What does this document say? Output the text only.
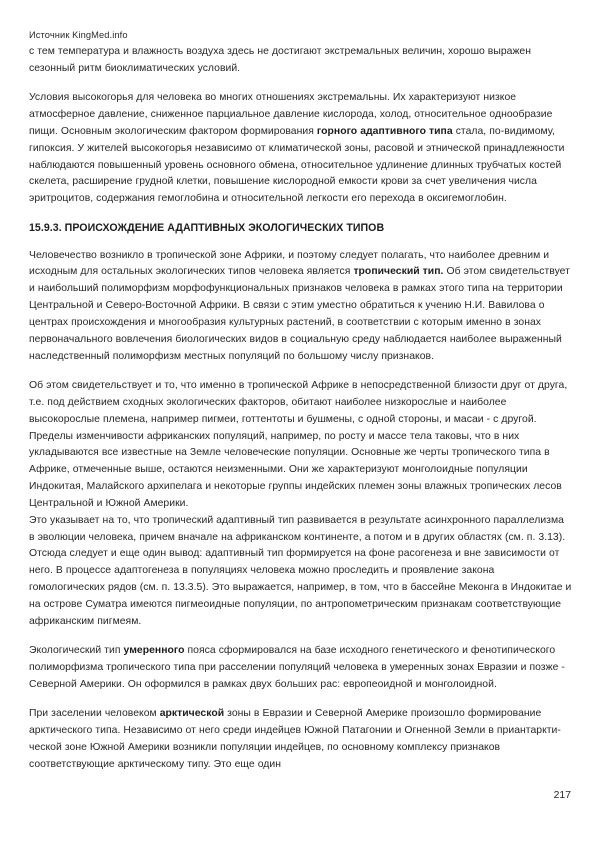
Источник KingMed.info

с тем температура и влажность воздуха здесь не достигают экстремальных величин, хорошо выражен сезонный ритм биоклиматических условий.

Условия высокогорья для человека во многих отношениях экстремальны. Их характеризуют низкое атмосферное давление, сниженное парциальное давление кислорода, холод, относительное однообразие пищи. Основным экологическим фактором формирования горного адаптивного типа стала, по-видимому, гипоксия. У жителей высокогорья независимо от климатической зоны, расовой и этнической принадлежности наблюдаются повышенный уровень основного обмена, относительное удлинение длинных трубчатых костей скелета, расширение грудной клетки, повышение кислородной емкости крови за счет увеличения числа эритроцитов, содержания гемоглобина и относительной легкости его перехода в оксигемоглобин.

15.9.3. ПРОИСХОЖДЕНИЕ АДАПТИВНЫХ ЭКОЛОГИЧЕСКИХ ТИПОВ

Человечество возникло в тропической зоне Африки, и поэтому следует полагать, что наиболее древним и исходным для остальных экологических типов человека является тропический тип. Об этом свидетельствует и наибольший полиморфизм морфофункциональных признаков человека в рамках этого типа на территории Центральной и Северо-Восточной Африки. В связи с этим уместно обратиться к учению Н.И. Вавилова о центрах происхождения и многообразия культурных растений, в соответствии с которым именно в зонах первоначального вовлечения биологических видов в социальную среду наблюдается наиболее выраженный наследственный полиморфизм местных популяций по большому числу признаков.

Об этом свидетельствует и то, что именно в тропической Африке в непосредственной близости друг от друга, т.е. под действием сходных экологических факторов, обитают наиболее низкорослые и наиболее высокорослые племена, например пигмеи, готтентоты и бушмены, с одной стороны, и масаи - с другой. Пределы изменчивости африканских популяций, например, по росту и массе тела таковы, что в них укладываются все известные на Земле человеческие популяции. Основные же черты тропического типа в Африке, отмеченные выше, остаются неизменными. Они же характеризуют монголоидные популяции Индокитая, Малайского архипелага и некоторые группы индейских племен зоны влажных тропических лесов Центральной и Южной Америки.

Это указывает на то, что тропический адаптивный тип развивается в результате асинхронного параллелизма в эволюции человека, причем вначале на африканском континенте, а потом и в других областях (см. п. 3.13). Отсюда следует и еще один вывод: адаптивный тип формируется на фоне расогенеза и вне зависимости от него. В процессе адаптогенеза в популяциях человека можно проследить и проявление закона гомологических рядов (см. п. 13.3.5). Это выражается, например, в том, что в бассейне Меконга в Индокитае и на острове Суматра имеются пигмеоидные популяции, по антропометрическим признакам соответствующие африканским пигмеям.

Экологический тип умеренного пояса сформировался на базе исходного генетического и фенотипического полиморфизма тропического типа при расселении популяций человека в умеренных зонах Евразии и позже - Северной Америки. Он оформился в рамках двух больших рас: европеоидной и монголоидной.

При заселении человеком арктической зоны в Евразии и Северной Америке произошло формирование арктического типа. Независимо от него среди индейцев Южной Патагонии и Огненной Земли в приантаркти-ческой зоне Южной Америки возникли популяции индейцев, по основному комплексу признаков соответствующие арктическому типу. Это еще один

217
